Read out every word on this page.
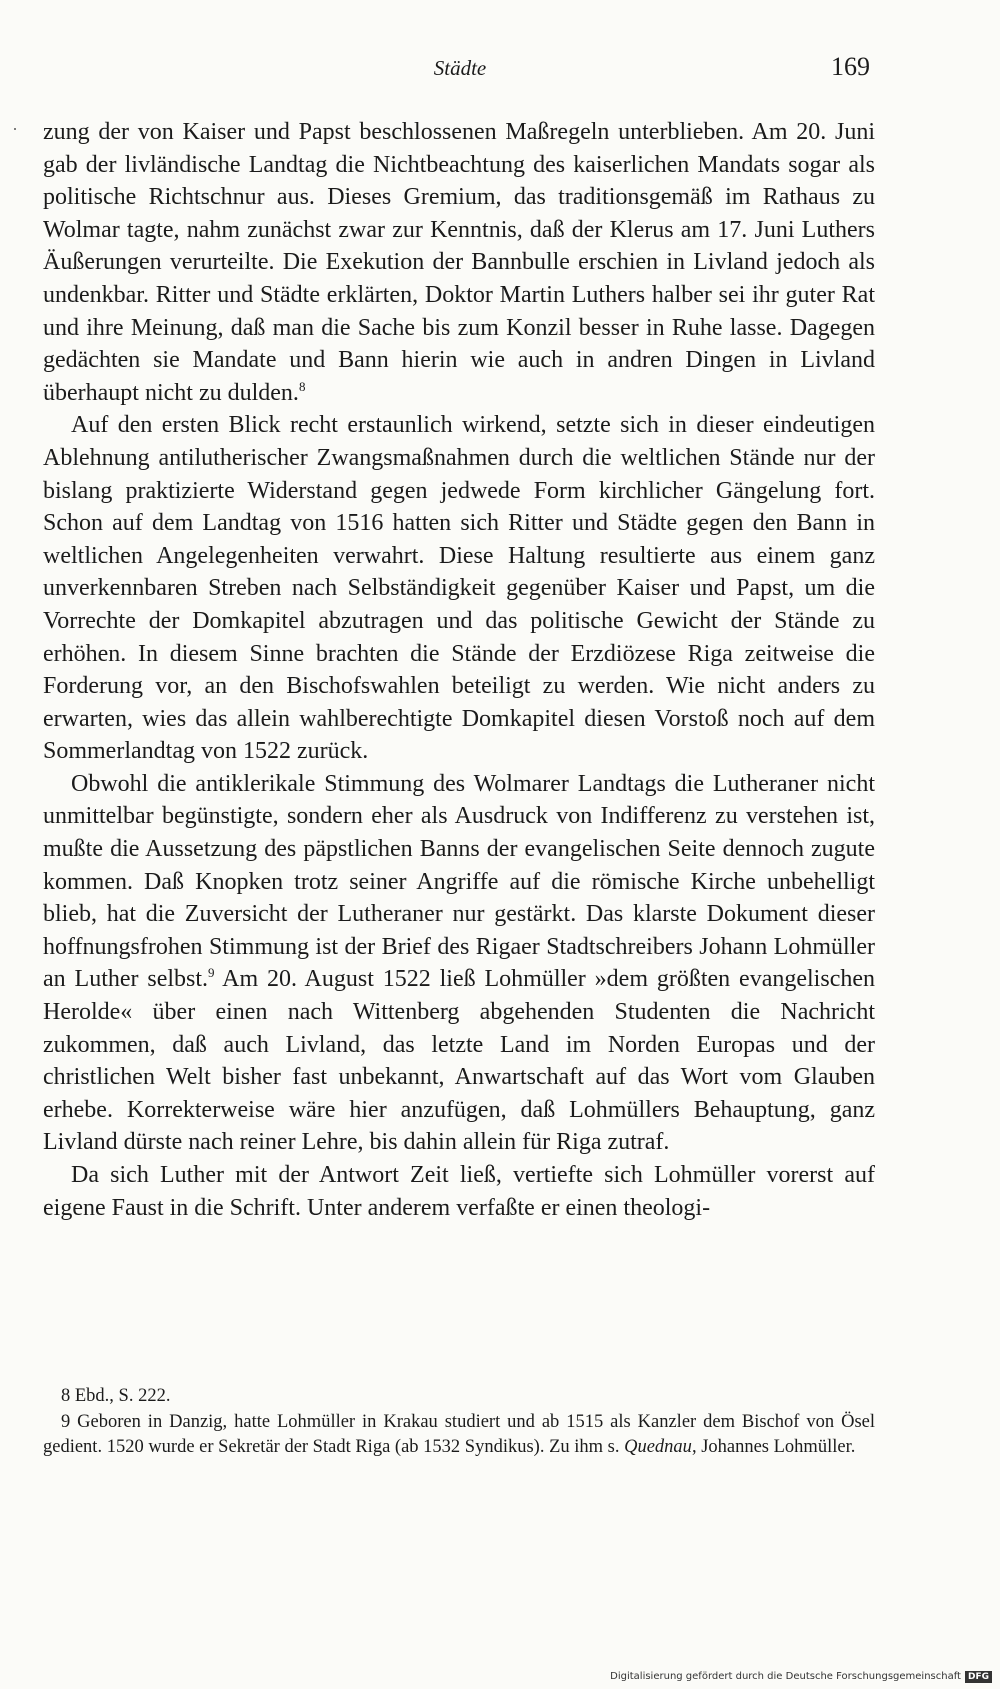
Städte	169

zung der von Kaiser und Papst beschlossenen Maßregeln unterblieben. Am 20. Juni gab der livländische Landtag die Nichtbeachtung des kaiserlichen Mandats sogar als politische Richtschnur aus. Dieses Gremium, das traditionsgemäß im Rathaus zu Wolmar tagte, nahm zunächst zwar zur Kenntnis, daß der Klerus am 17. Juni Luthers Äußerungen verurteilte. Die Exekution der Bannbulle erschien in Livland jedoch als undenkbar. Ritter und Städte erklärten, Doktor Martin Luthers halber sei ihr guter Rat und ihre Meinung, daß man die Sache bis zum Konzil besser in Ruhe lasse. Dagegen gedächten sie Mandate und Bann hierin wie auch in andren Dingen in Livland überhaupt nicht zu dulden.$^8$

Auf den ersten Blick recht erstaunlich wirkend, setzte sich in dieser eindeutigen Ablehnung antilutherischer Zwangsmaßnahmen durch die weltlichen Stände nur der bislang praktizierte Widerstand gegen jedwede Form kirchlicher Gängelung fort. Schon auf dem Landtag von 1516 hatten sich Ritter und Städte gegen den Bann in weltlichen Angelegenheiten verwahrt. Diese Haltung resultierte aus einem ganz unverkennbaren Streben nach Selbständigkeit gegenüber Kaiser und Papst, um die Vorrechte der Domkapitel abzutragen und das politische Gewicht der Stände zu erhöhen. In diesem Sinne brachten die Stände der Erzdiözese Riga zeitweise die Forderung vor, an den Bischofswahlen beteiligt zu werden. Wie nicht anders zu erwarten, wies das allein wahlberechtigte Domkapitel diesen Vorstoß noch auf dem Sommerlandtag von 1522 zurück.

Obwohl die antiklerikale Stimmung des Wolmarer Landtags die Lutheraner nicht unmittelbar begünstigte, sondern eher als Ausdruck von Indifferenz zu verstehen ist, mußte die Aussetzung des päpstlichen Banns der evangelischen Seite dennoch zugute kommen. Daß Knopken trotz seiner Angriffe auf die römische Kirche unbehelligt blieb, hat die Zuversicht der Lutheraner nur gestärkt. Das klarste Dokument dieser hoffnungsfrohen Stimmung ist der Brief des Rigaer Stadtschreibers Johann Lohmüller an Luther selbst.$^9$ Am 20. August 1522 ließ Lohmüller »dem größten evangelischen Herolde« über einen nach Wittenberg abgehenden Studenten die Nachricht zukommen, daß auch Livland, das letzte Land im Norden Europas und der christlichen Welt bisher fast unbekannt, Anwartschaft auf das Wort vom Glauben erhebe. Korrekterweise wäre hier anzufügen, daß Lohmüllers Behauptung, ganz Livland dürste nach reiner Lehre, bis dahin allein für Riga zutraf.

Da sich Luther mit der Antwort Zeit ließ, vertiefte sich Lohmüller vorerst auf eigene Faust in die Schrift. Unter anderem verfaßte er einen theologi-

8 Ebd., S. 222.

9 Geboren in Danzig, hatte Lohmüller in Krakau studiert und ab 1515 als Kanzler dem Bischof von Ösel gedient. 1520 wurde er Sekretär der Stadt Riga (ab 1532 Syndikus). Zu ihm s. Quednau, Johannes Lohmüller.

Digitalisierung gefördert durch die Deutsche Forschungsgemeinschaft DFG
